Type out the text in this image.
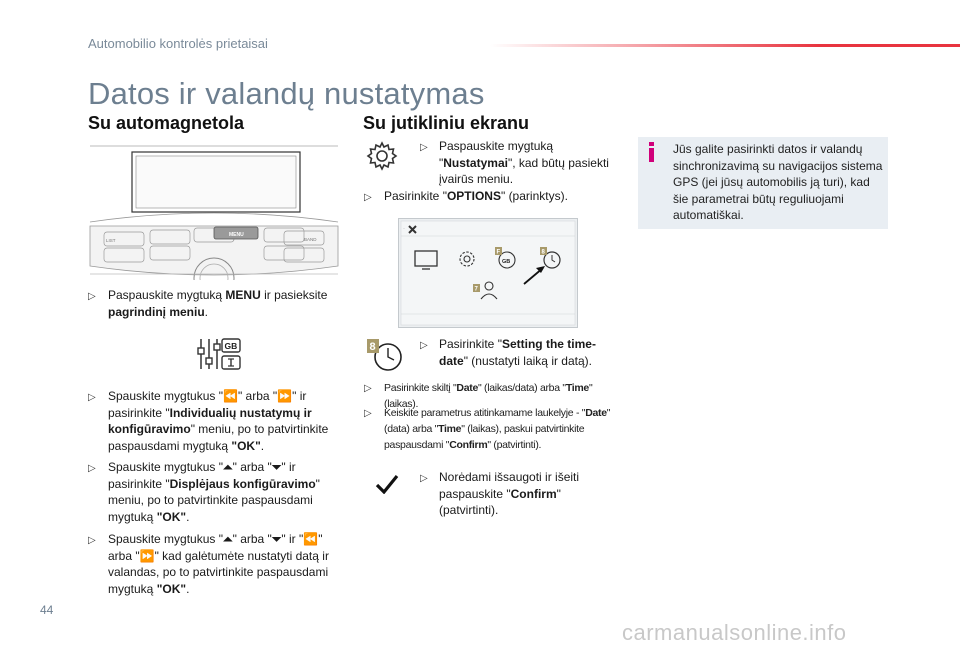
Automobilio kontrolės prietaisai
Datos ir valandų nustatymas
Su automagnetola
LIST
MENU
BAND
▷ Paspauskite mygtuką MENU ir pasieksite pagrindinį meniu.
GB
▷ Spauskite mygtukus "⏪" arba "⏩" ir pasirinkite "Individualių nustatymų ir konfigūravimo" meniu, po to patvirtinkite paspausdami mygtuką "OK".
▷ Spauskite mygtukus "⏶" arba "⏷" ir pasirinkite "Displėjaus konfigūravimo" meniu, po to patvirtinkite paspausdami mygtuką "OK".
▷ Spauskite mygtukus "⏶" arba "⏷" ir "⏪" arba "⏩" kad galėtumėte nustatyti datą ir valandas, po to patvirtinkite paspausdami mygtuką "OK".
Su jutikliniu ekranu
▷ Paspauskite mygtuką "Nustatymai", kad būtų pasiekti įvairūs meniu.
▷ Pasirinkite "OPTIONS" (parinktys).
·
F
GB
8
7
8	▷ Pasirinkite "Setting the time-date" (nustatyti laiką ir datą).
▷ Pasirinkite skiltį "Date" (laikas/data) arba "Time" (laikas).
▷ Keiskite parametrus atitinkamame laukelyje - "Date" (data) arba "Time" (laikas), paskui patvirtinkite paspausdami "Confirm" (patvirtinti).
▷ Norėdami išsaugoti ir išeiti paspauskite "Confirm" (patvirtinti).
Jūs galite pasirinkti datos ir valandų sinchronizavimą su navigacijos sistema GPS (jei jūsų automobilis ją turi), kad šie parametrai būtų reguliuojami automatiškai.
44
carmanualsonline.info
